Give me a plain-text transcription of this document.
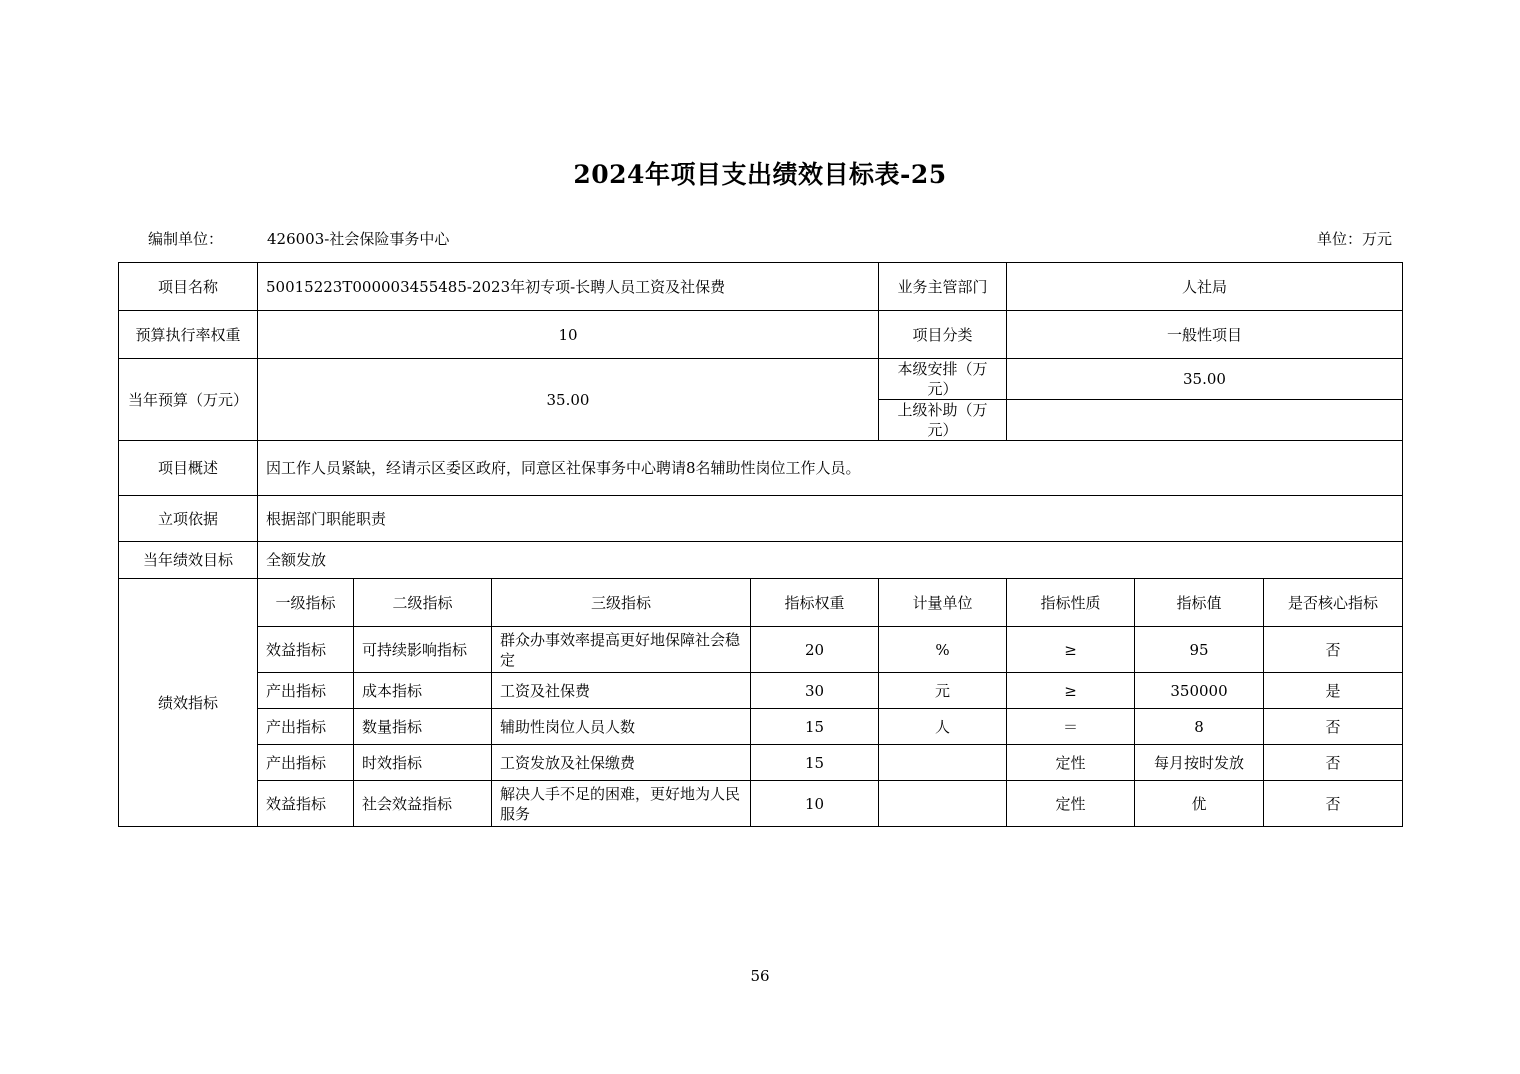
2024年项目支出绩效目标表-25
编制单位：	426003-社会保险事务中心	单位：万元
项目名称	50015223T000003455485-2023年初专项-长聘人员工资及社保费				业务主管部门	人社局		
预算执行率权重	10				项目分类	一般性项目		
当年预算（万元）	35.00				本级安排（万元）	35.00		
					上级补助（万元）			
项目概述	因工作人员紧缺，经请示区委区政府，同意区社保事务中心聘请8名辅助性岗位工作人员。							
立项依据	根据部门职能职责							
当年绩效目标	全额发放							
绩效指标	一级指标	二级指标	三级指标	指标权重	计量单位	指标性质	指标值	是否核心指标
	效益指标	可持续影响指标	群众办事效率提高更好地保障社会稳定	20	%	≥	95	否
	产出指标	成本指标	工资及社保费	30	元	≥	350000	是
	产出指标	数量指标	辅助性岗位人员人数	15	人	＝	8	否
	产出指标	时效指标	工资发放及社保缴费	15		定性	每月按时发放	否
	效益指标	社会效益指标	解决人手不足的困难，更好地为人民服务	10		定性	优	否
56
